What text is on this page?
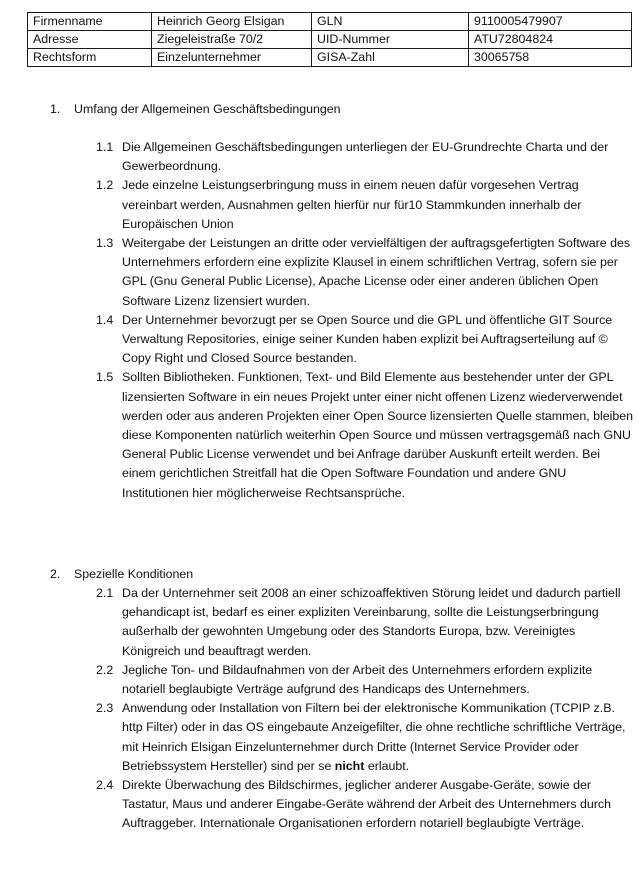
Firmenname	Heinrich Georg Elsigan	GLN	9110005479907
Adresse	Ziegeleistraße 70/2	UID-Nummer	ATU72804824
Rechtsform	Einzelunternehmer	GISA-Zahl	30065758
1. Umfang der Allgemeinen Geschäftsbedingungen
1.1 Die Allgemeinen Geschäftsbedingungen unterliegen der EU-Grundrechte Charta und der Gewerbeordnung.
1.2 Jede einzelne Leistungserbringung muss in einem neuen dafür vorgesehen Vertrag vereinbart werden, Ausnahmen gelten hierfür nur für10 Stammkunden innerhalb der Europäischen Union
1.3 Weitergabe der Leistungen an dritte oder vervielfältigen der auftragsgefertigten Software des Unternehmers erfordern eine explizite Klausel in einem schriftlichen Vertrag, sofern sie per GPL (Gnu General Public License), Apache License oder einer anderen üblichen Open Software Lizenz lizensiert wurden.
1.4 Der Unternehmer bevorzugt per se Open Source und die GPL und öffentliche GIT Source Verwaltung Repositories, einige seiner Kunden haben explizit bei Auftragserteilung auf © Copy Right und Closed Source bestanden.
1.5 Sollten Bibliotheken. Funktionen, Text- und Bild Elemente aus bestehender unter der GPL lizensierten Software in ein neues Projekt unter einer nicht offenen Lizenz wiederverwendet werden oder aus anderen Projekten einer Open Source lizensierten Quelle stammen, bleiben diese Komponenten natürlich weiterhin Open Source und müssen vertragsgemäß nach GNU General Public License verwendet und bei Anfrage darüber Auskunft erteilt werden. Bei einem gerichtlichen Streitfall hat die Open Software Foundation und andere GNU Institutionen hier möglicherweise Rechtsansprüche.
2. Spezielle Konditionen
2.1 Da der Unternehmer seit 2008 an einer schizoaffektiven Störung leidet und dadurch partiell gehandicapt ist, bedarf es einer expliziten Vereinbarung, sollte die Leistungserbringung außerhalb der gewohnten Umgebung oder des Standorts Europa, bzw. Vereinigtes Königreich und beauftragt werden.
2.2 Jegliche Ton- und Bildaufnahmen von der Arbeit des Unternehmers erfordern explizite notariell beglaubigte Verträge aufgrund des Handicaps des Unternehmers.
2.3 Anwendung oder Installation von Filtern bei der elektronische Kommunikation (TCPIP z.B. http Filter) oder in das OS eingebaute Anzeigefilter, die ohne rechtliche schriftliche Verträge, mit Heinrich Elsigan Einzelunternehmer durch Dritte (Internet Service Provider oder Betriebssystem Hersteller) sind per se nicht erlaubt.
2.4 Direkte Überwachung des Bildschirmes, jeglicher anderer Ausgabe-Geräte, sowie der Tastatur, Maus und anderer Eingabe-Geräte während der Arbeit des Unternehmers durch Auftraggeber. Internationale Organisationen erfordern notariell beglaubigte Verträge.
